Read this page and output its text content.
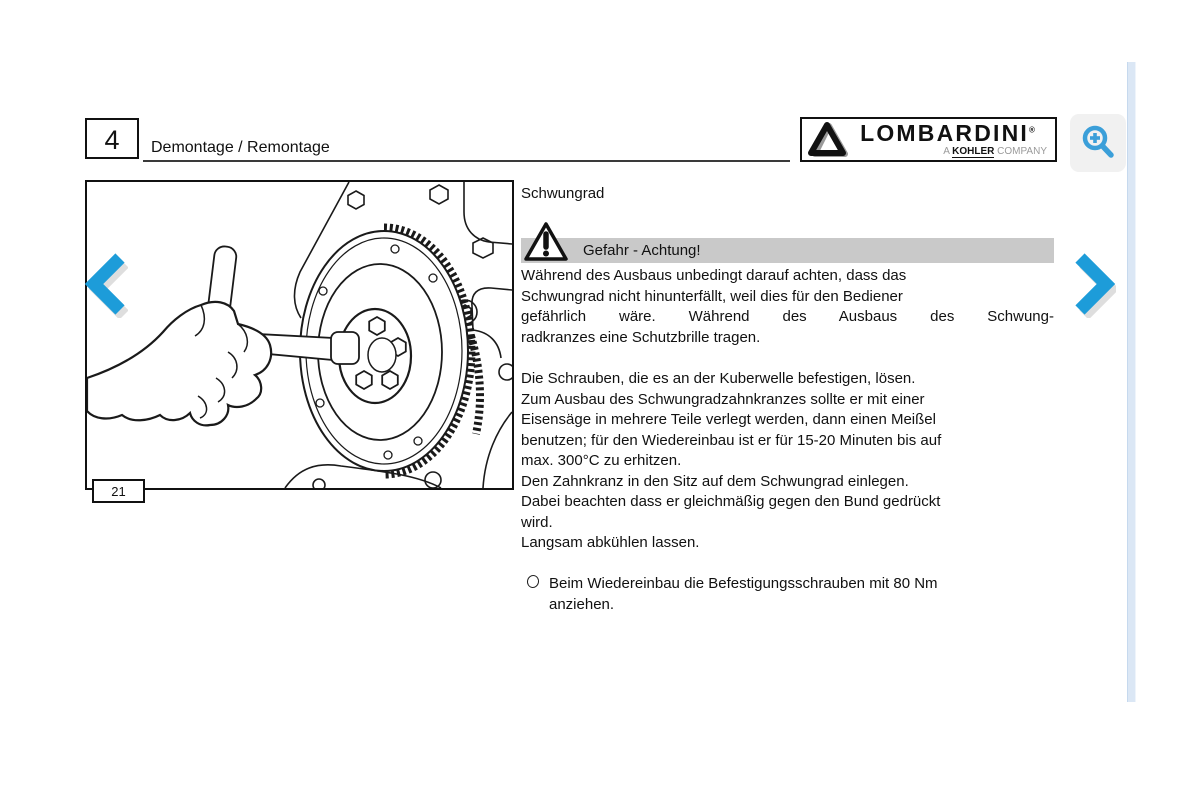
4	Demontage / Remontage
LOMBARDINI®
A KOHLER COMPANY
21
Schwungrad
Gefahr - Achtung!
Während des Ausbaus unbedingt darauf achten, dass das
Schwungrad nicht hinunterfällt, weil dies für den Bediener
gefährlich wäre. Während des Ausbaus des Schwung-
radkranzes eine Schutzbrille tragen.
Die Schrauben, die es an der Kuberwelle befestigen, lösen.
Zum Ausbau des Schwungradzahnkranzes sollte er mit einer
Eisensäge in mehrere Teile verlegt werden, dann einen Meißel
benutzen; für den Wiedereinbau ist er für 15-20 Minuten bis auf
max. 300°C zu erhitzen.
Den Zahnkranz in den Sitz auf dem Schwungrad einlegen.
Dabei beachten dass er gleichmäßig gegen den Bund gedrückt
wird.
Langsam abkühlen lassen.
Beim Wiedereinbau die Befestigungsschrauben mit 80 Nm
anziehen.
